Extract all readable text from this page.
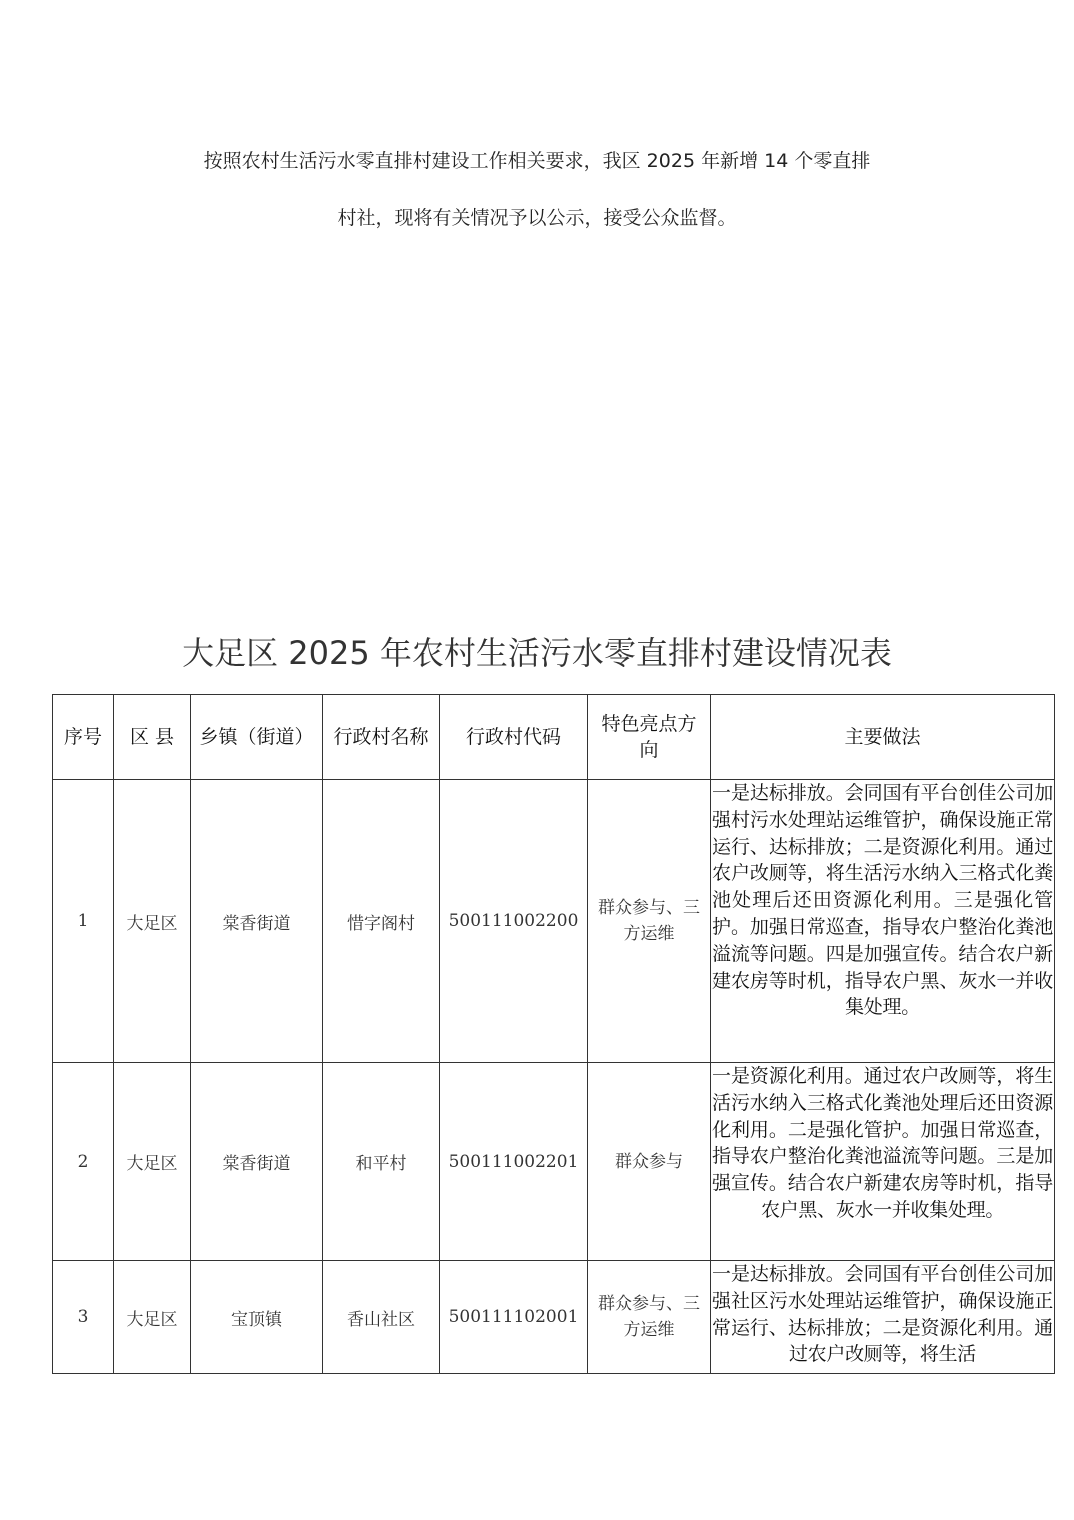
按照农村生活污水零直排村建设工作相关要求，我区 2025 年新增 14 个零直排
村社，现将有关情况予以公示，接受公众监督。
大足区 2025 年农村生活污水零直排村建设情况表
序号	区 县	乡镇（街道）	行政村名称	行政村代码	特色亮点方向	主要做法
1	大足区	棠香街道	惜字阁村	500111002200	群众参与、三方运维	一是达标排放。会同国有平台创佳公司加强村污水处理站运维管护，确保设施正常运行、达标排放；二是资源化利用。通过农户改厕等，将生活污水纳入三格式化粪池处理后还田资源化利用。三是强化管护。加强日常巡查，指导农户整治化粪池溢流等问题。四是加强宣传。结合农户新建农房等时机，指导农户黑、灰水一并收集处理。
2	大足区	棠香街道	和平村	500111002201	群众参与	一是资源化利用。通过农户改厕等，将生活污水纳入三格式化粪池处理后还田资源化利用。二是强化管护。加强日常巡查，指导农户整治化粪池溢流等问题。三是加强宣传。结合农户新建农房等时机，指导农户黑、灰水一并收集处理。
3	大足区	宝顶镇	香山社区	500111102001	群众参与、三方运维	一是达标排放。会同国有平台创佳公司加强社区污水处理站运维管护，确保设施正常运行、达标排放；二是资源化利用。通过农户改厕等，将生活
